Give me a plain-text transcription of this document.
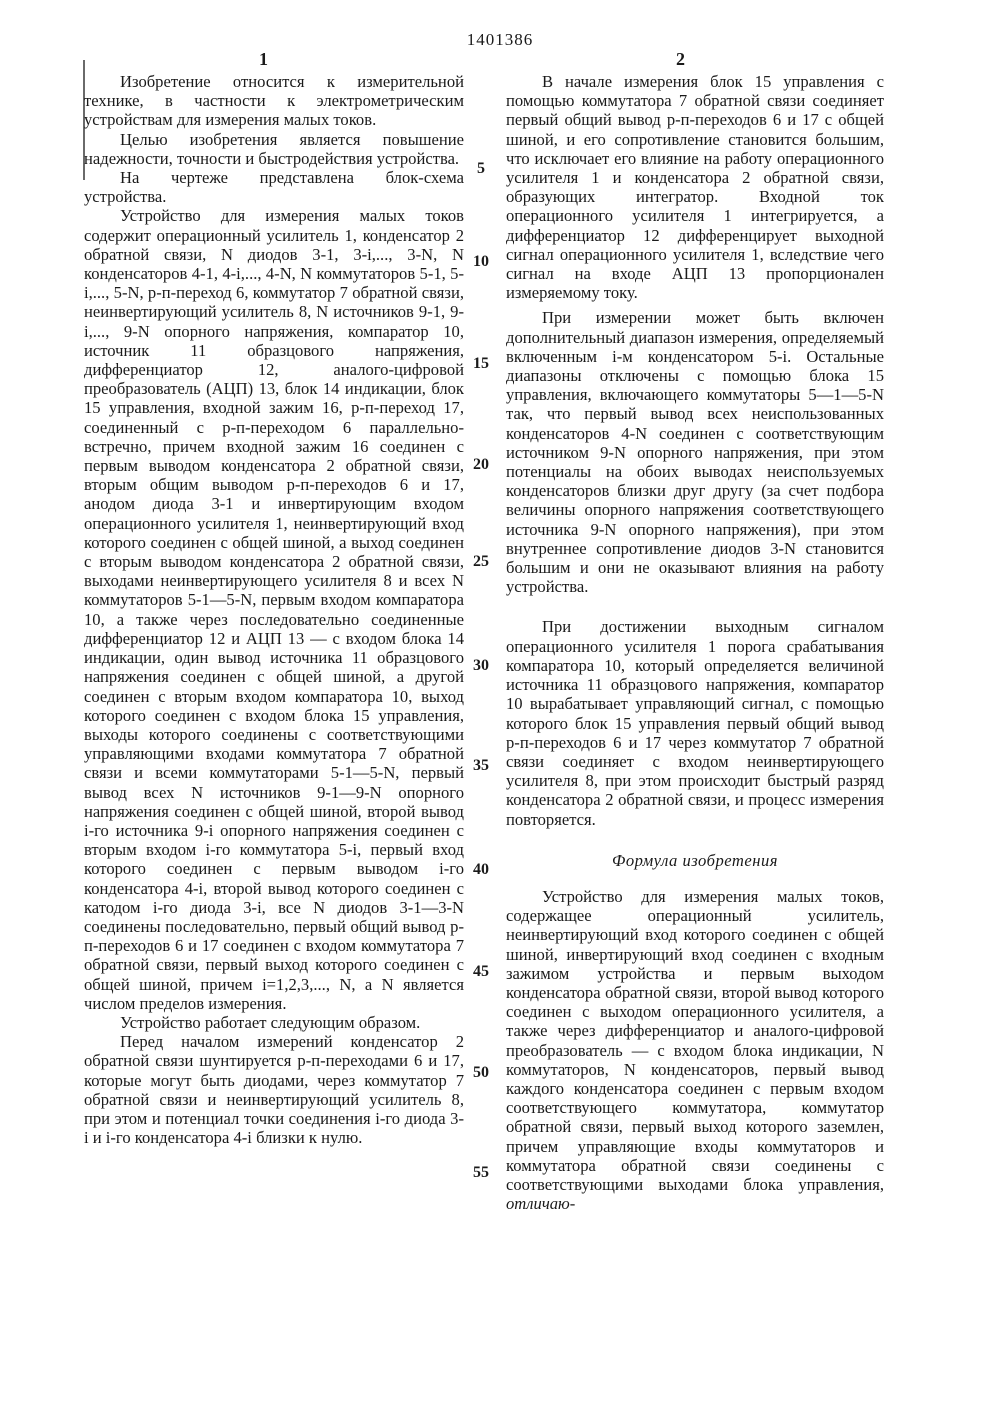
1401386
1	2

Изобретение относится к измерительной технике, в частности к электрометрическим устройствам для измерения малых токов.

Целью изобретения является повышение надежности, точности и быстродействия устройства.

На чертеже представлена блок-схема устройства.

Устройство для измерения малых токов содержит операционный усилитель 1, конденсатор 2 обратной связи, N диодов 3-1, 3-i,..., 3-N, N конденсаторов 4-1, 4-i,..., 4-N, N коммутаторов 5-1, 5-i,..., 5-N, р-п-переход 6, коммутатор 7 обратной связи, неинвертирующий усилитель 8, N источников 9-1, 9-i,..., 9-N опорного напряжения, компаратор 10, источник 11 образцового напряжения, дифференциатор 12, аналого-цифровой преобразователь (АЦП) 13, блок 14 индикации, блок 15 управления, входной зажим 16, р-п-переход 17, соединенный с р-п-переходом 6 параллельно-встречно, причем входной зажим 16 соединен с первым выводом конденсатора 2 обратной связи, вторым общим выводом р-п-переходов 6 и 17, анодом диода 3-1 и инвертирующим входом операционного усилителя 1, неинвертирующий вход которого соединен с общей шиной, а выход соединен с вторым выводом конденсатора 2 обратной связи, выходами неинвертирующего усилителя 8 и всех N коммутаторов 5-1—5-N, первым входом компаратора 10, а также через последовательно соединенные дифференциатор 12 и АЦП 13 — с входом блока 14 индикации, один вывод источника 11 образцового напряжения соединен с общей шиной, а другой соединен с вторым входом компаратора 10, выход которого соединен с входом блока 15 управления, выходы которого соединены с соответствующими управляющими входами коммутатора 7 обратной связи и всеми коммутаторами 5-1—5-N, первый вывод всех N источников 9-1—9-N опорного напряжения соединен с общей шиной, второй вывод i-го источника 9-i опорного напряжения соединен с вторым входом i-го коммутатора 5-i, первый вход которого соединен с первым выводом i-го конденсатора 4-i, второй вывод которого соединен с катодом i-го диода 3-i, все N диодов 3-1—3-N соединены последовательно, первый общий вывод р-п-переходов 6 и 17 соединен с входом коммутатора 7 обратной связи, первый выход которого соединен с общей шиной, причем i=1,2,3,..., N, а N является числом пределов измерения.

Устройство работает следующим образом.

Перед началом измерений конденсатор 2 обратной связи шунтируется р-п-переходами 6 и 17, которые могут быть диодами, через коммутатор 7 обратной связи и неинвертирующий усилитель 8, при этом и потенциал точки соединения i-го диода 3-i и i-го конденсатора 4-i близки к нулю.

5
10
15
20
25
30
35
40
45
50
55

В начале измерения блок 15 управления с помощью коммутатора 7 обратной связи соединяет первый общий вывод р-п-переходов 6 и 17 с общей шиной, и его сопротивление становится большим, что исключает его влияние на работу операционного усилителя 1 и конденсатора 2 обратной связи, образующих интегратор. Входной ток операционного усилителя 1 интегрируется, а дифференциатор 12 дифференцирует выходной сигнал операционного усилителя 1, вследствие чего сигнал на входе АЦП 13 пропорционален измеряемому току.

При измерении может быть включен дополнительный диапазон измерения, определяемый включенным i-м конденсатором 5-i. Остальные диапазоны отключены с помощью блока 15 управления, включающего коммутаторы 5—1—5-N так, что первый вывод всех неиспользованных конденсаторов 4-N соединен с соответствующим источником 9-N опорного напряжения, при этом потенциалы на обоих выводах неиспользуемых конденсаторов близки друг другу (за счет подбора величины опорного напряжения соответствующего источника 9-N опорного напряжения), при этом внутреннее сопротивление диодов 3-N становится большим и они не оказывают влияния на работу устройства.

При достижении выходным сигналом операционного усилителя 1 порога срабатывания компаратора 10, который определяется величиной источника 11 образцового напряжения, компаратор 10 вырабатывает управляющий сигнал, с помощью которого блок 15 управления первый общий вывод р-п-переходов 6 и 17 через коммутатор 7 обратной связи соединяет с входом неинвертирующего усилителя 8, при этом происходит быстрый разряд конденсатора 2 обратной связи, и процесс измерения повторяется.

Формула изобретения

Устройство для измерения малых токов, содержащее операционный усилитель, неинвертирующий вход которого соединен с общей шиной, инвертирующий вход соединен с входным зажимом устройства и первым выходом конденсатора обратной связи, второй вывод которого соединен с выходом операционного усилителя, а также через дифференциатор и аналого-цифровой преобразователь — с входом блока индикации, N коммутаторов, N конденсаторов, первый вывод каждого конденсатора соединен с первым входом соответствующего коммутатора, коммутатор обратной связи, первый выход которого заземлен, причем управляющие входы коммутаторов и коммутатора обратной связи соединены с соответствующими выходами блока управления, отличаю-
